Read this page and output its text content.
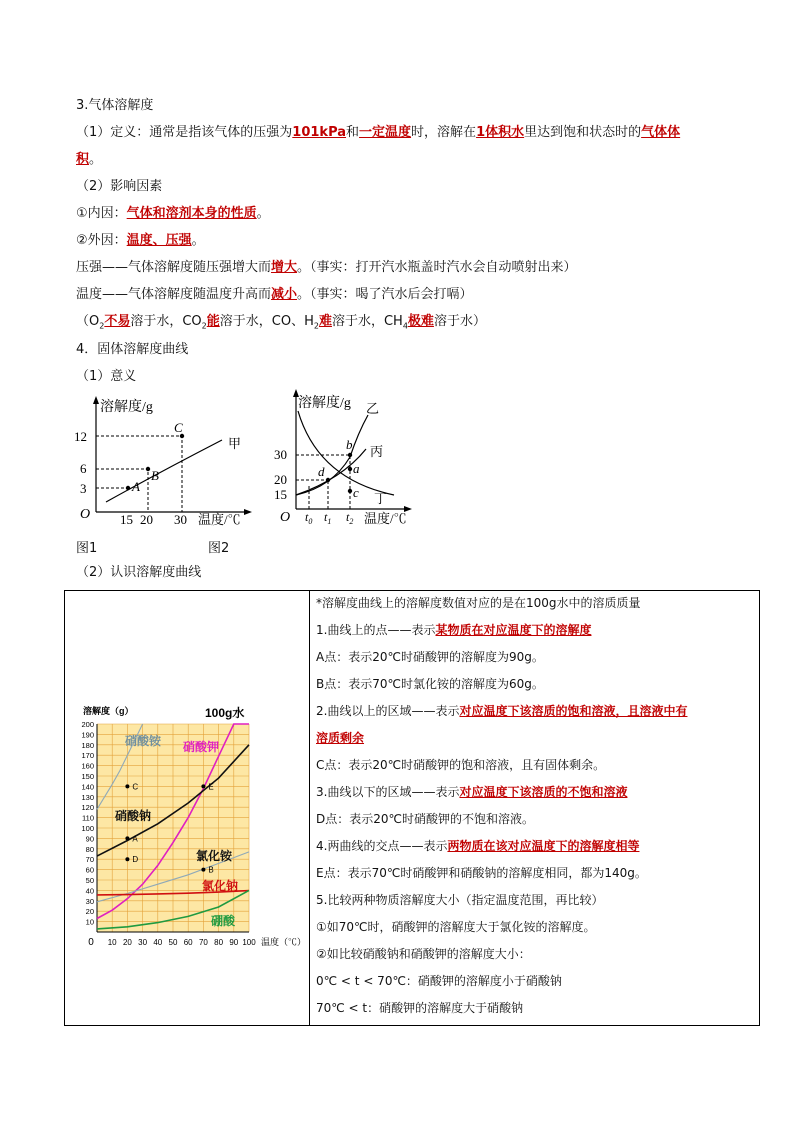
3.气体溶解度
（1）定义：通常是指该气体的压强为101kPa和一定温度时，溶解在1体积水里达到饱和状态时的气体体
积。
（2）影响因素
①内因：气体和溶剂本身的性质。
②外因：温度、压强。
压强——气体溶解度随压强增大而增大。（事实：打开汽水瓶盖时汽水会自动喷射出来）
温度——气体溶解度随温度升高而减小。（事实：喝了汽水后会打嗝）
（$O_2$不易溶于水，$CO_2$能溶于水，CO、$H_2$难溶于水，$CH_4$极难溶于水）
4．固体溶解度曲线
（1）意义
溶解度/g
温度/℃
O
12
6
3
15 20 30
A
B
C
甲
溶解度/g
温度/℃
O
30
20
15
$t_0$ $t_1$ $t_2$
a
b
c
d
乙
丙
丁
图1	图2
（2）认识溶解度曲线
溶解度（g）	100g水
温度（℃）
10
20
30
40
50
60
70
80
90
100
110
120
130
140
150
160
170
180
190
200
0 10 20 30 40 50 60 70 80 90 100
A
B
C
D
E
硝酸铵 硝酸钾
硝酸钠
氯化铵
氯化钠
硼酸

*溶解度曲线上的溶解度数值对应的是在100g水中的溶质质量
1.曲线上的点——表示某物质在对应温度下的溶解度
A点：表示20℃时硝酸钾的溶解度为90g。
B点：表示70℃时氯化铵的溶解度为60g。
2.曲线以上的区域——表示对应温度下该溶质的饱和溶液，且溶液中有
溶质剩余
C点：表示20℃时硝酸钾的饱和溶液，且有固体剩余。
3.曲线以下的区域——表示对应温度下该溶质的不饱和溶液
D点：表示20℃时硝酸钾的不饱和溶液。
4.两曲线的交点——表示两物质在该对应温度下的溶解度相等
E点：表示70℃时硝酸钾和硝酸钠的溶解度相同，都为140g。
5.比较两种物质溶解度大小（指定温度范围，再比较）
①如70℃时，硝酸钾的溶解度大于氯化铵的溶解度。
②如比较硝酸钠和硝酸钾的溶解度大小：
0℃ < t < 70℃：硝酸钾的溶解度小于硝酸钠
70℃ < t：硝酸钾的溶解度大于硝酸钠
